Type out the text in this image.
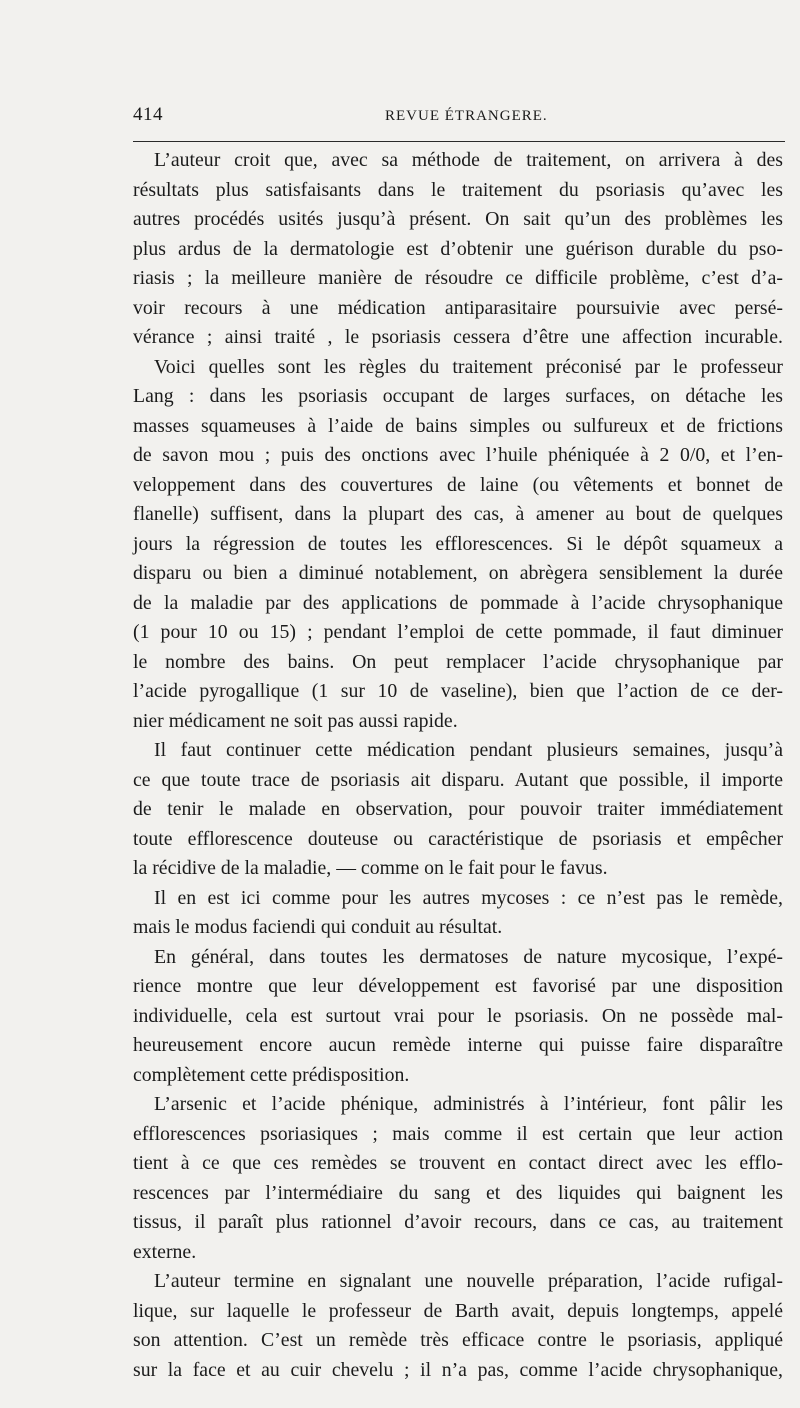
414	REVUE ÉTRANGERE.
L’auteur croit que, avec sa méthode de traitement, on arrivera à des
résultats plus satisfaisants dans le traitement du psoriasis qu’avec les
autres procédés usités jusqu’à présent. On sait qu’un des problèmes les
plus ardus de la dermatologie est d’obtenir une guérison durable du pso-
riasis ; la meilleure manière de résoudre ce difficile problème, c’est d’a-
voir recours à une médication antiparasitaire poursuivie avec persé-
vérance ; ainsi traité , le psoriasis cessera d’être une affection incurable.
Voici quelles sont les règles du traitement préconisé par le professeur
Lang : dans les psoriasis occupant de larges surfaces, on détache les
masses squameuses à l’aide de bains simples ou sulfureux et de frictions
de savon mou ; puis des onctions avec l’huile phéniquée à 2 0/0, et l’en-
veloppement dans des couvertures de laine (ou vêtements et bonnet de
flanelle) suffisent, dans la plupart des cas, à amener au bout de quelques
jours la régression de toutes les efflorescences. Si le dépôt squameux a
disparu ou bien a diminué notablement, on abrègera sensiblement la durée
de la maladie par des applications de pommade à l’acide chrysophanique
(1 pour 10 ou 15) ; pendant l’emploi de cette pommade, il faut diminuer
le nombre des bains. On peut remplacer l’acide chrysophanique par
l’acide pyrogallique (1 sur 10 de vaseline), bien que l’action de ce der-
nier médicament ne soit pas aussi rapide.
Il faut continuer cette médication pendant plusieurs semaines, jusqu’à
ce que toute trace de psoriasis ait disparu. Autant que possible, il importe
de tenir le malade en observation, pour pouvoir traiter immédiatement
toute efflorescence douteuse ou caractéristique de psoriasis et empêcher
la récidive de la maladie, — comme on le fait pour le favus.
Il en est ici comme pour les autres mycoses : ce n’est pas le remède,
mais le modus faciendi qui conduit au résultat.
En général, dans toutes les dermatoses de nature mycosique, l’expé-
rience montre que leur développement est favorisé par une disposition
individuelle, cela est surtout vrai pour le psoriasis. On ne possède mal-
heureusement encore aucun remède interne qui puisse faire disparaître
complètement cette prédisposition.
L’arsenic et l’acide phénique, administrés à l’intérieur, font pâlir les
efflorescences psoriasiques ; mais comme il est certain que leur action
tient à ce que ces remèdes se trouvent en contact direct avec les efflo-
rescences par l’intermédiaire du sang et des liquides qui baignent les
tissus, il paraît plus rationnel d’avoir recours, dans ce cas, au traitement
externe.
L’auteur termine en signalant une nouvelle préparation, l’acide rufigal-
lique, sur laquelle le professeur de Barth avait, depuis longtemps, appelé
son attention. C’est un remède très efficace contre le psoriasis, appliqué
sur la face et au cuir chevelu ; il n’a pas, comme l’acide chrysophanique,
